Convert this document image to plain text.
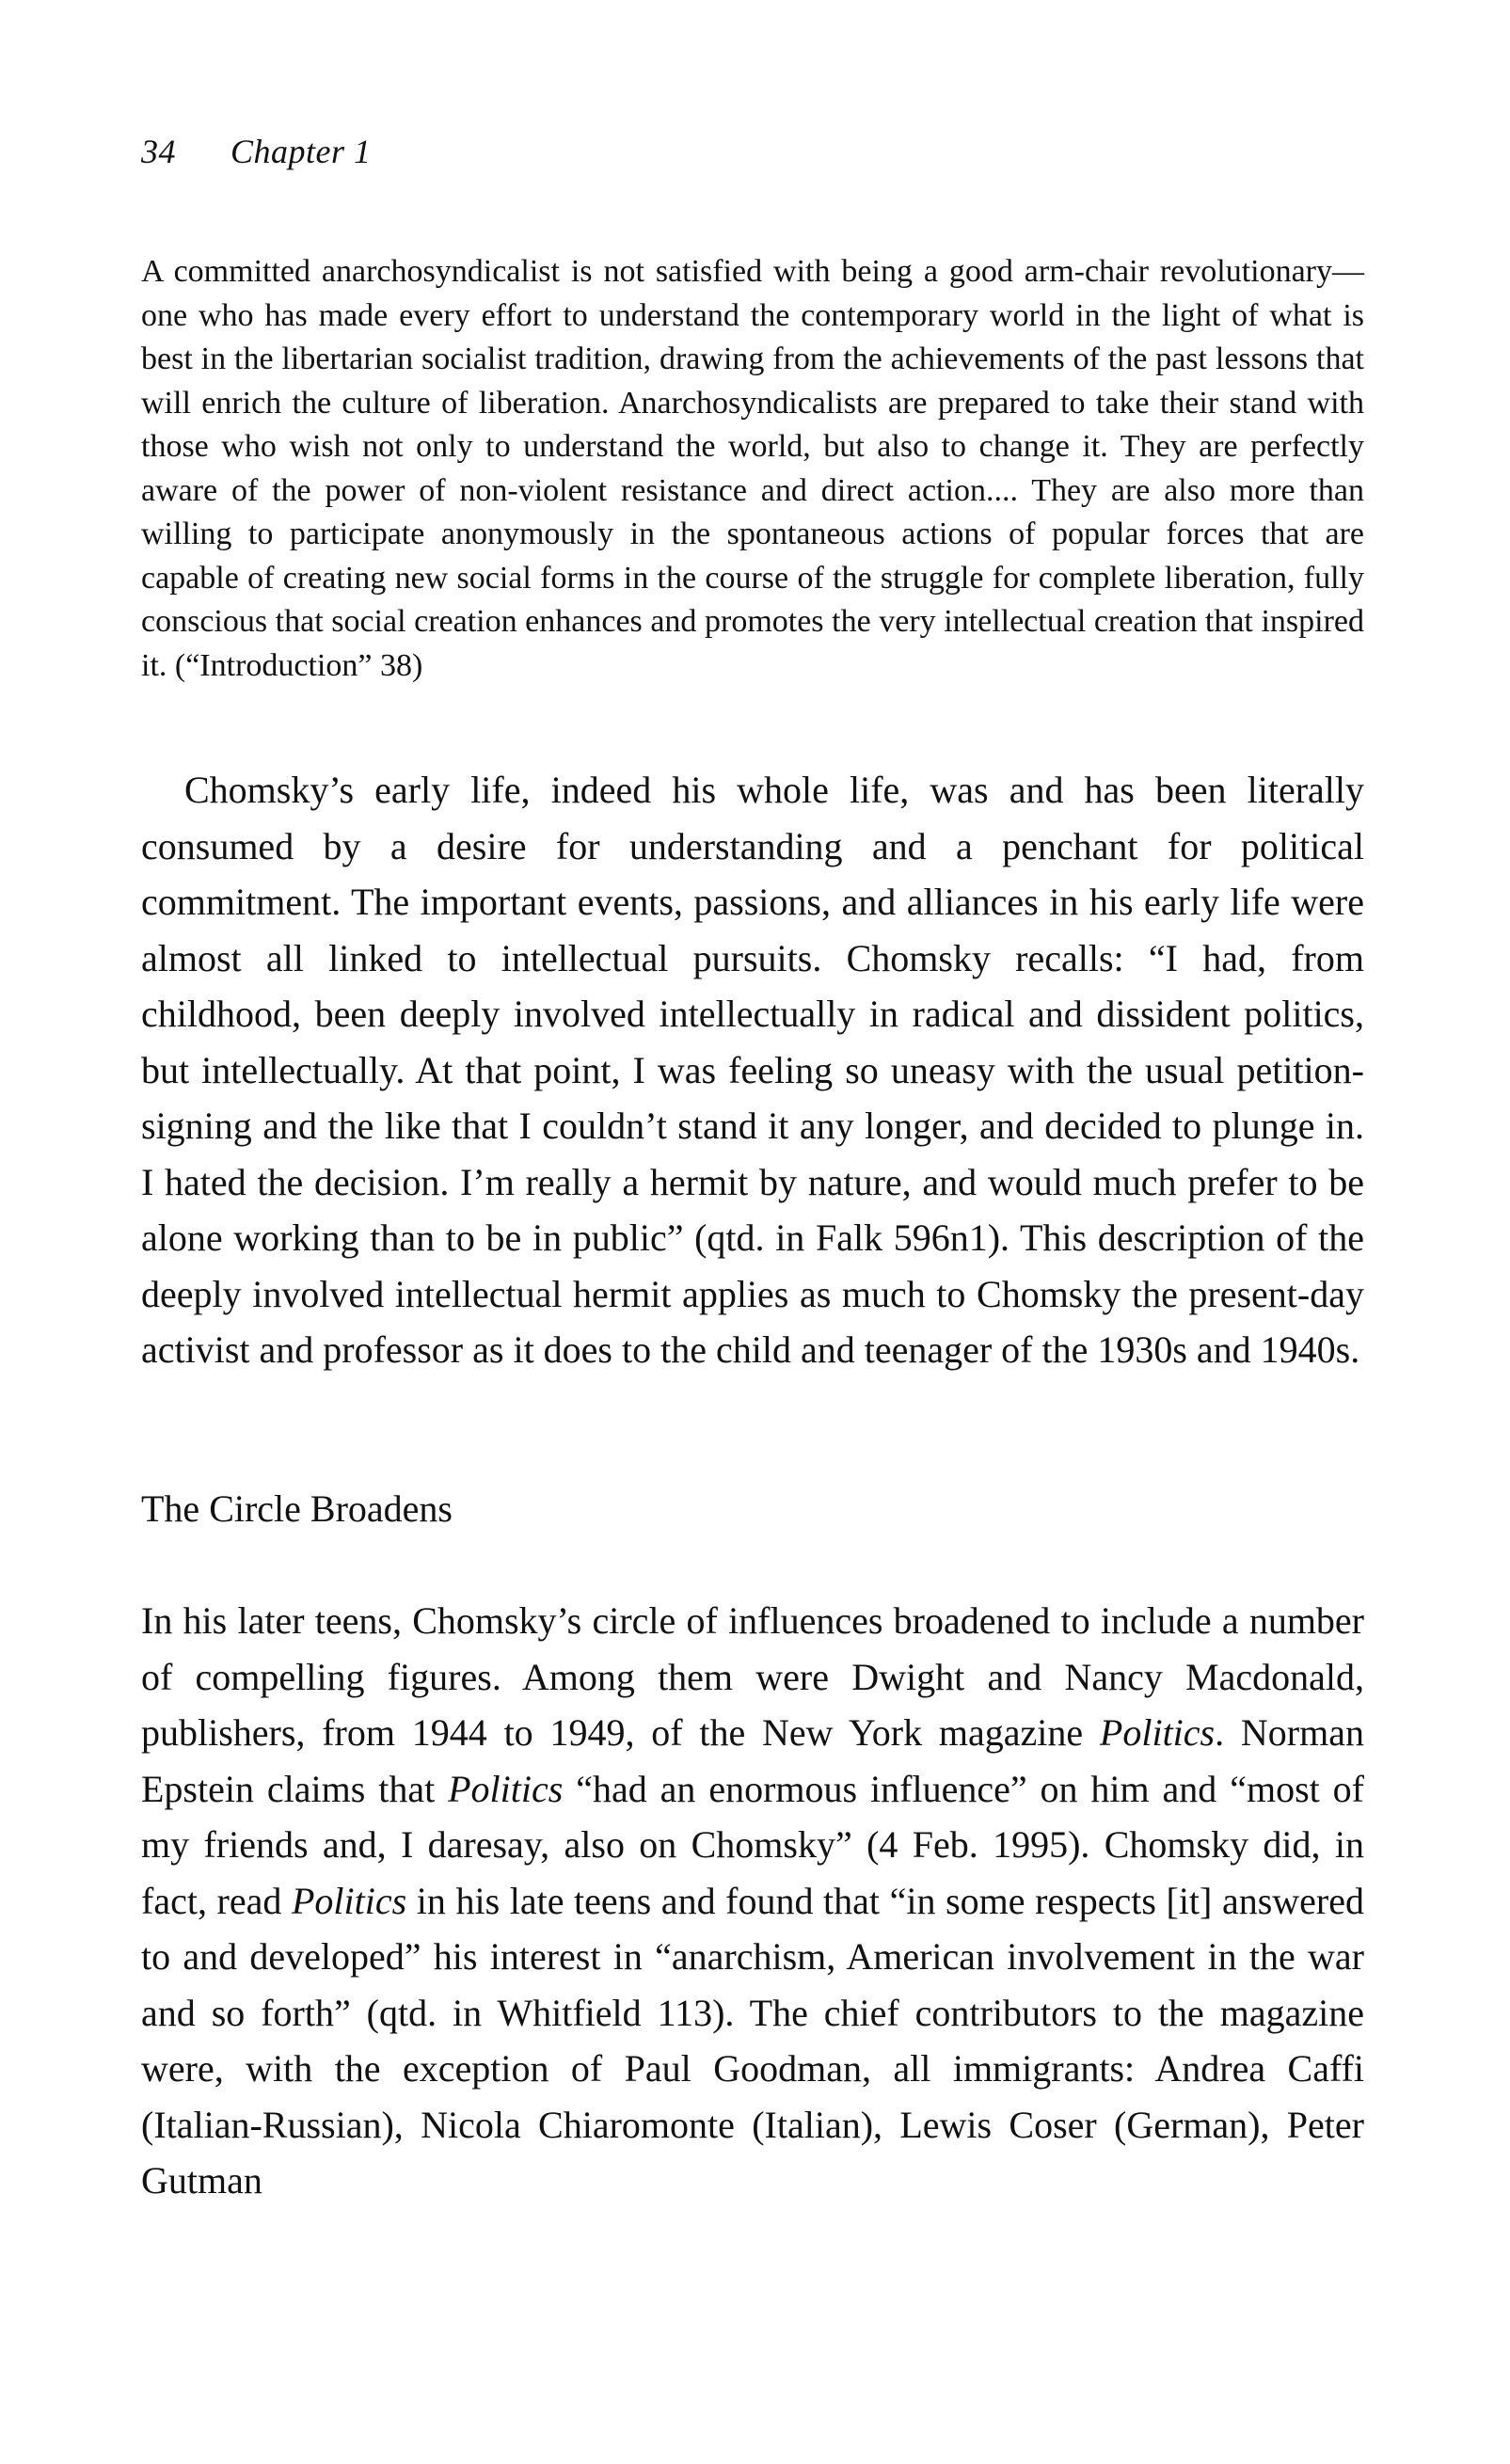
34 Chapter 1

A committed anarchosyndicalist is not satisfied with being a good arm-chair revolutionary—one who has made every effort to understand the contemporary world in the light of what is best in the libertarian socialist tradition, drawing from the achievements of the past lessons that will enrich the culture of liberation. Anarchosyndicalists are prepared to take their stand with those who wish not only to understand the world, but also to change it. They are perfectly aware of the power of non-violent resistance and direct action.... They are also more than willing to participate anonymously in the spontaneous actions of popular forces that are capable of creating new social forms in the course of the struggle for complete liberation, fully conscious that social creation enhances and promotes the very intellectual creation that inspired it. (“Introduction” 38)

Chomsky’s early life, indeed his whole life, was and has been literally consumed by a desire for understanding and a penchant for political commitment. The important events, passions, and alliances in his early life were almost all linked to intellectual pursuits. Chomsky recalls: “I had, from childhood, been deeply involved intellectually in radical and dissident politics, but intellectually. At that point, I was feeling so uneasy with the usual petition-signing and the like that I couldn’t stand it any longer, and decided to plunge in. I hated the decision. I’m really a hermit by nature, and would much prefer to be alone working than to be in public” (qtd. in Falk 596n1). This description of the deeply involved intellectual hermit applies as much to Chomsky the present-day activist and professor as it does to the child and teenager of the 1930s and 1940s.

The Circle Broadens

In his later teens, Chomsky’s circle of influences broadened to include a number of compelling figures. Among them were Dwight and Nancy Macdonald, publishers, from 1944 to 1949, of the New York magazine Politics. Norman Epstein claims that Politics “had an enormous influence” on him and “most of my friends and, I daresay, also on Chomsky” (4 Feb. 1995). Chomsky did, in fact, read Politics in his late teens and found that “in some respects [it] answered to and developed” his interest in “anarchism, American involvement in the war and so forth” (qtd. in Whitfield 113). The chief contributors to the magazine were, with the exception of Paul Goodman, all immigrants: Andrea Caffi (Italian-Russian), Nicola Chiaromonte (Italian), Lewis Coser (German), Peter Gutman
